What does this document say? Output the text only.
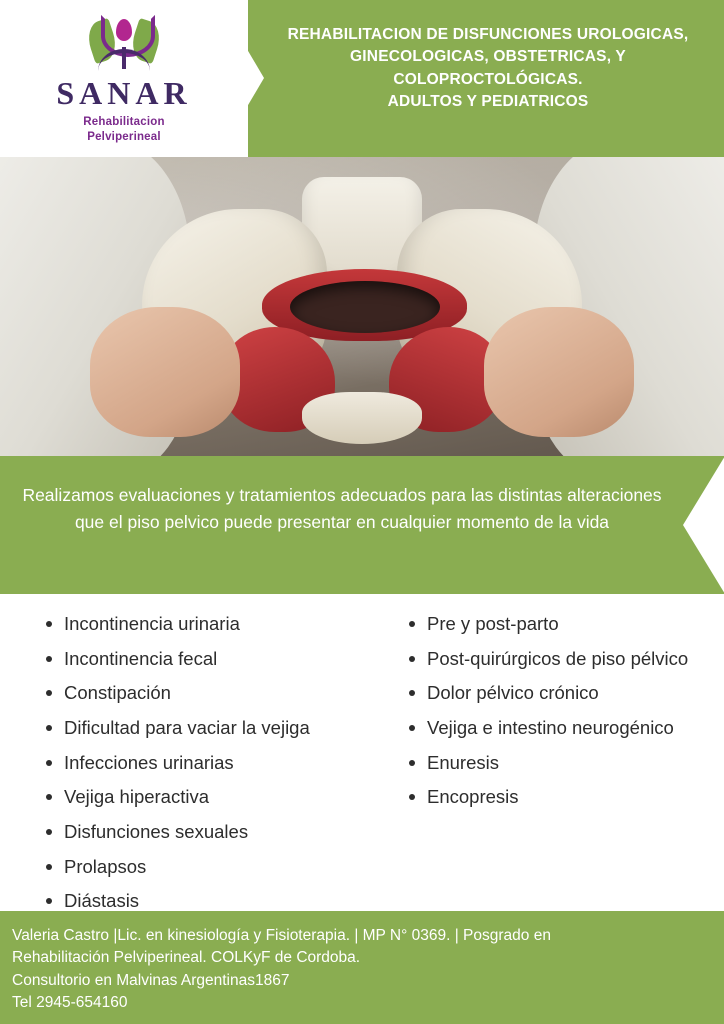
SANAR
Rehabilitacion
Pelviperineal
REHABILITACION DE DISFUNCIONES UROLOGICAS,
GINECOLOGICAS, OBSTETRICAS, Y
COLOPROCTOLÓGICAS.
ADULTOS Y PEDIATRICOS

Realizamos evaluaciones y tratamientos adecuados para las distintas alteraciones que el piso pelvico puede presentar en cualquier momento de la vida

Incontinencia urinaria
Incontinencia fecal
Constipación
Dificultad para vaciar la vejiga
Infecciones urinarias
Vejiga hiperactiva
Disfunciones sexuales
Prolapsos
Diástasis
Pre y post-parto
Post-quirúrgicos de piso pélvico
Dolor pélvico crónico
Vejiga e intestino neurogénico
Enuresis
Encopresis
Valeria Castro |Lic. en kinesiología y Fisioterapia. | MP N° 0369. | Posgrado en
Rehabilitación Pelviperineal. COLKyF de Cordoba.
Consultorio en Malvinas Argentinas1867
Tel 2945-654160
